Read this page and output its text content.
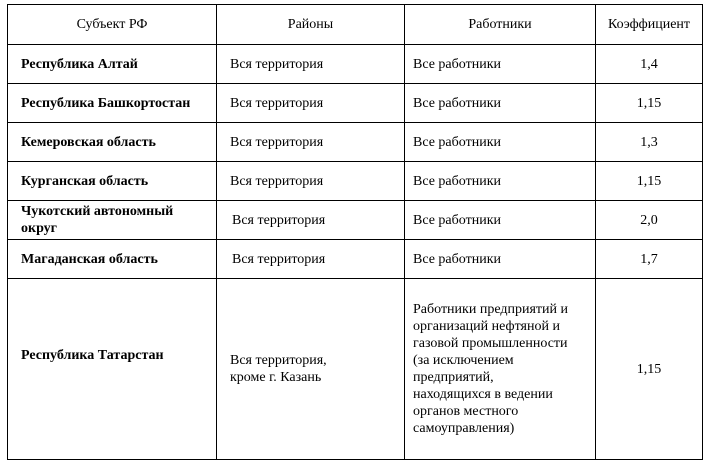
Субъект РФ	Районы	Работники	Коэффициент
Республика Алтай	Вся территория	Все работники	1,4
Республика Башкортостан	Вся территория	Все работники	1,15
Кемеровская область	Вся территория	Все работники	1,3
Курганская область	Вся территория	Все работники	1,15
Чукотский автономный округ	Вся территория	Все работники	2,0
Магаданская область	Вся территория	Все работники	1,7
Республика Татарстан	Вся территория, кроме г. Казань	Работники предприятий и организаций нефтяной и газовой промышленности (за исключением предприятий, находящихся в ведении органов местного самоуправления)	1,15
